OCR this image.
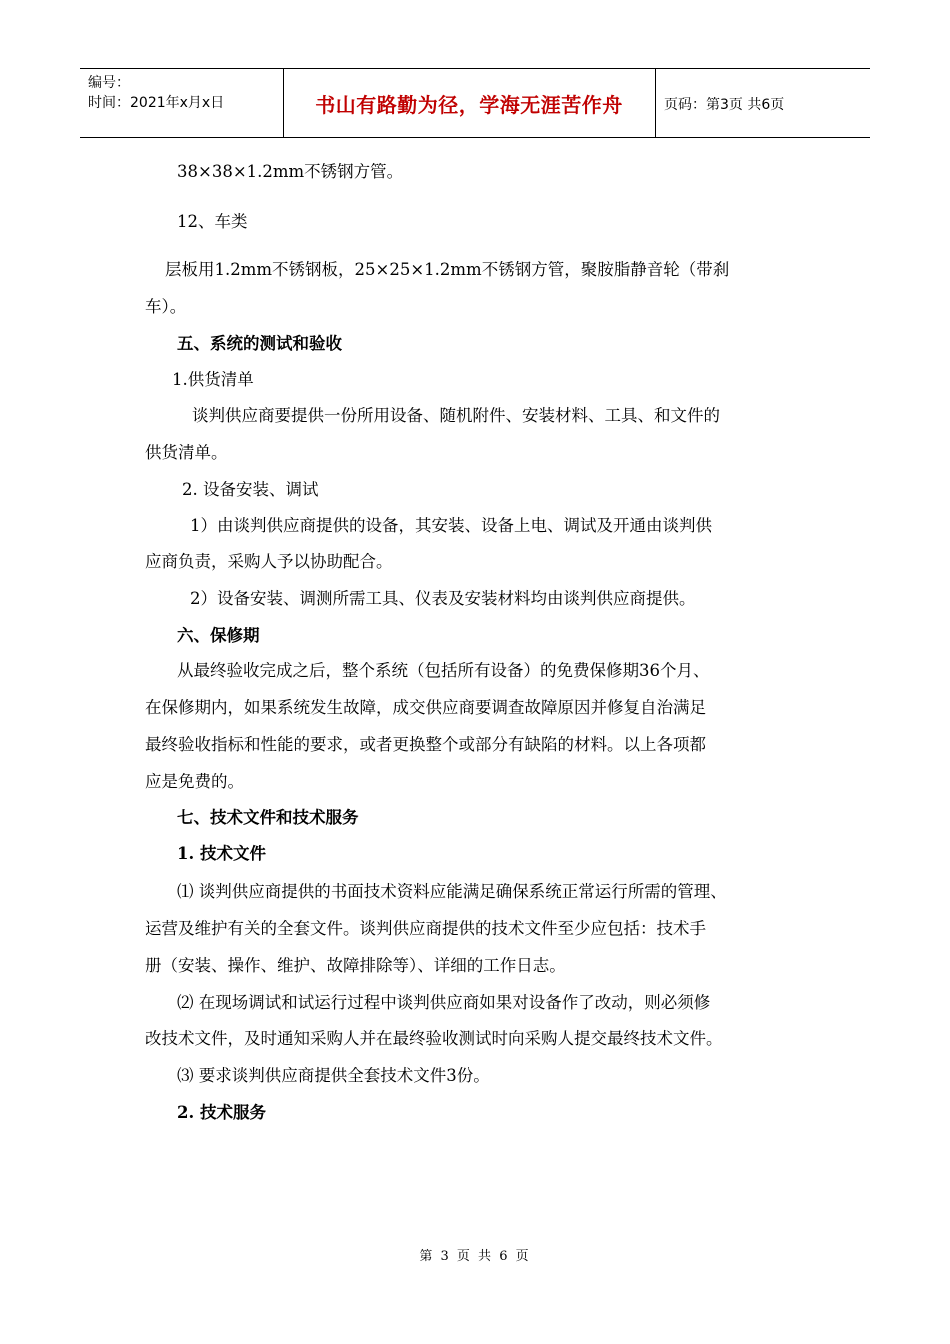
编号：
时间：2021年x月x日	书山有路勤为径，学海无涯苦作舟	页码：第3页 共6页
38×38×1.2mm不锈钢方管。
12、车类
层板用1.2mm不锈钢板，25×25×1.2mm不锈钢方管，聚胺脂静音轮（带刹
车）。
五、系统的测试和验收
1.供货清单
谈判供应商要提供一份所用设备、随机附件、安装材料、工具、和文件的
供货清单。
2. 设备安装、调试
1）由谈判供应商提供的设备，其安装、设备上电、调试及开通由谈判供
应商负责，采购人予以协助配合。
2）设备安装、调测所需工具、仪表及安装材料均由谈判供应商提供。
六、保修期
从最终验收完成之后，整个系统（包括所有设备）的免费保修期36个月、
在保修期内，如果系统发生故障，成交供应商要调查故障原因并修复自治满足
最终验收指标和性能的要求，或者更换整个或部分有缺陷的材料。以上各项都
应是免费的。
七、技术文件和技术服务
1. 技术文件
⑴ 谈判供应商提供的书面技术资料应能满足确保系统正常运行所需的管理、
运营及维护有关的全套文件。谈判供应商提供的技术文件至少应包括：技术手
册（安装、操作、维护、故障排除等）、详细的工作日志。
⑵ 在现场调试和试运行过程中谈判供应商如果对设备作了改动，则必须修
改技术文件，及时通知采购人并在最终验收测试时向采购人提交最终技术文件。
⑶ 要求谈判供应商提供全套技术文件3份。
2. 技术服务
第 3 页 共 6 页
